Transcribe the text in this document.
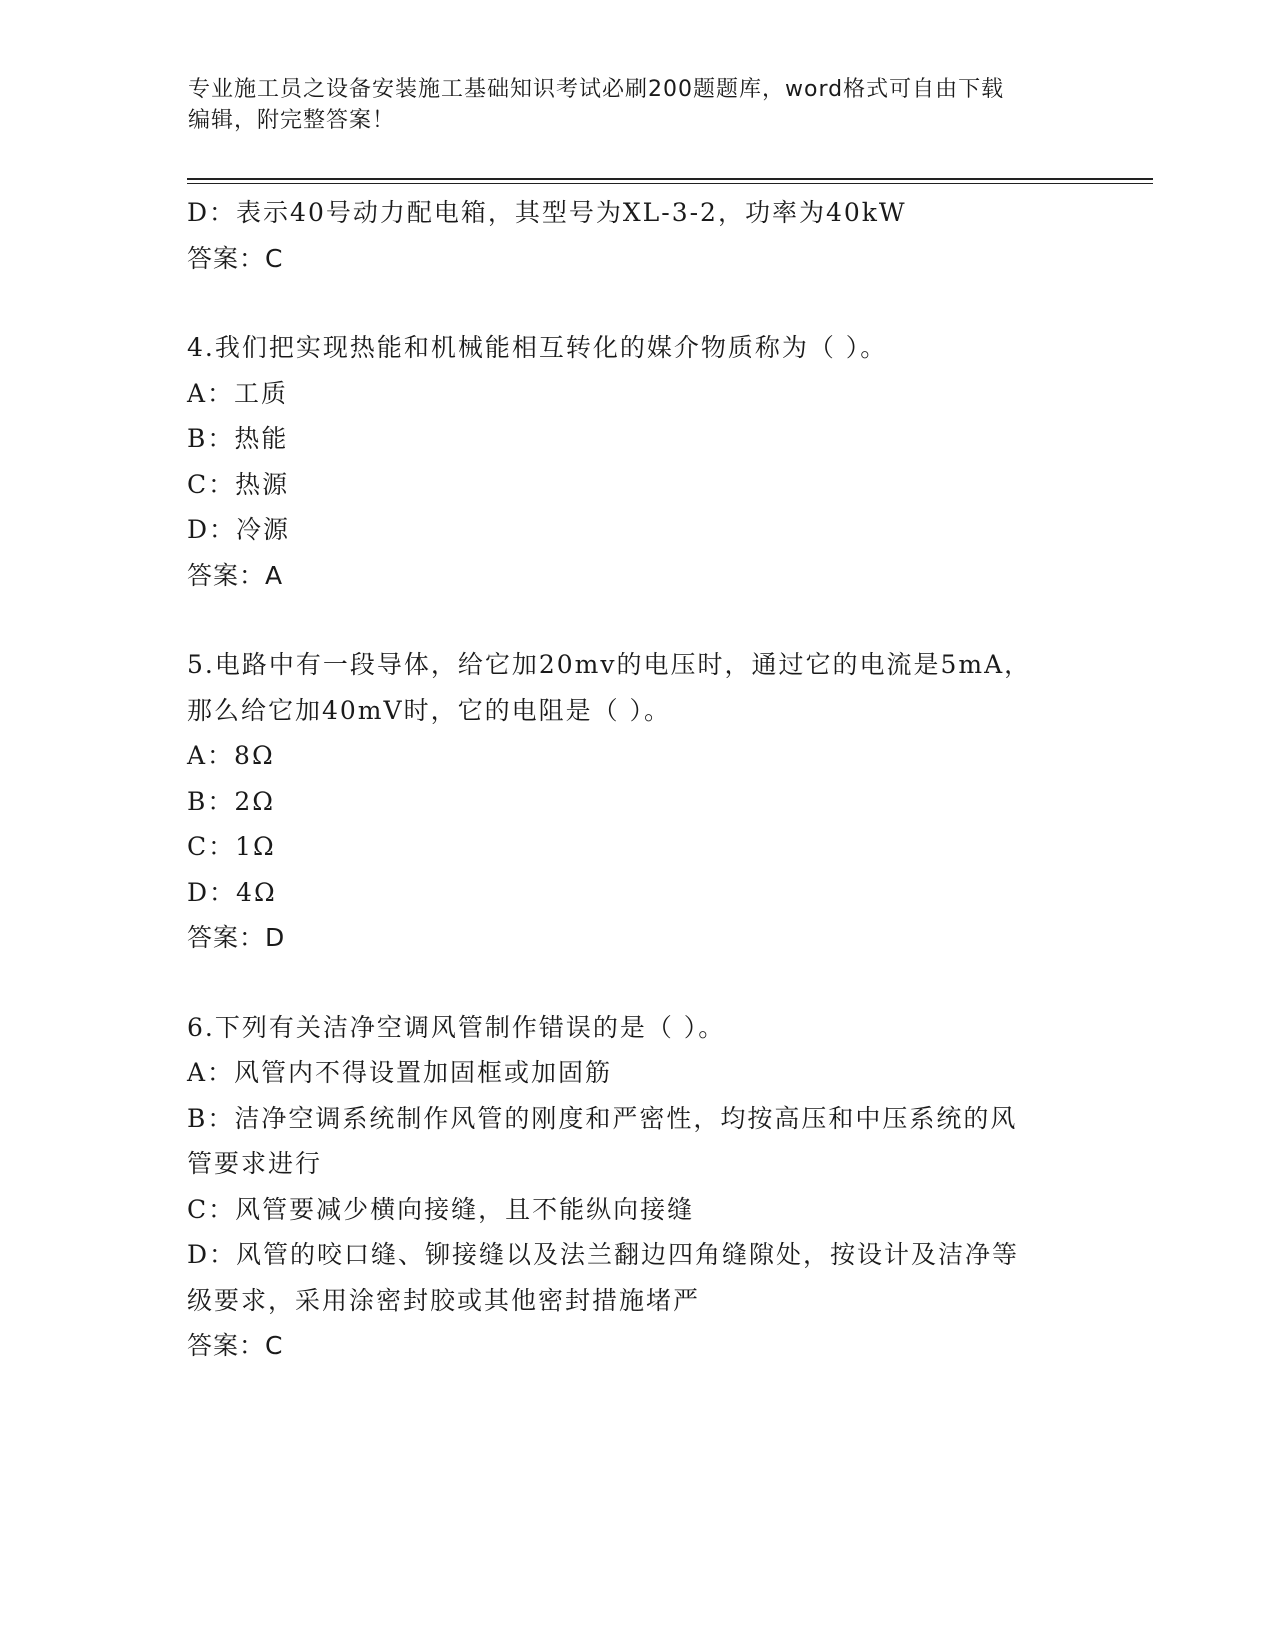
专业施工员之设备安装施工基础知识考试必刷200题题库，word格式可自由下载
编辑，附完整答案！
D：表示40号动力配电箱，其型号为XL-3-2，功率为40kW
答案：C
4.我们把实现热能和机械能相互转化的媒介物质称为（ ）。
A：工质
B：热能
C：热源
D：冷源
答案：A
5.电路中有一段导体，给它加20mv的电压时，通过它的电流是5mA，
那么给它加40mV时，它的电阻是（ ）。
A：8Ω
B：2Ω
C：1Ω
D：4Ω
答案：D
6.下列有关洁净空调风管制作错误的是（ ）。
A：风管内不得设置加固框或加固筋
B：洁净空调系统制作风管的刚度和严密性，均按高压和中压系统的风
管要求进行
C：风管要减少横向接缝，且不能纵向接缝
D：风管的咬口缝、铆接缝以及法兰翻边四角缝隙处，按设计及洁净等
级要求，采用涂密封胶或其他密封措施堵严
答案：C
